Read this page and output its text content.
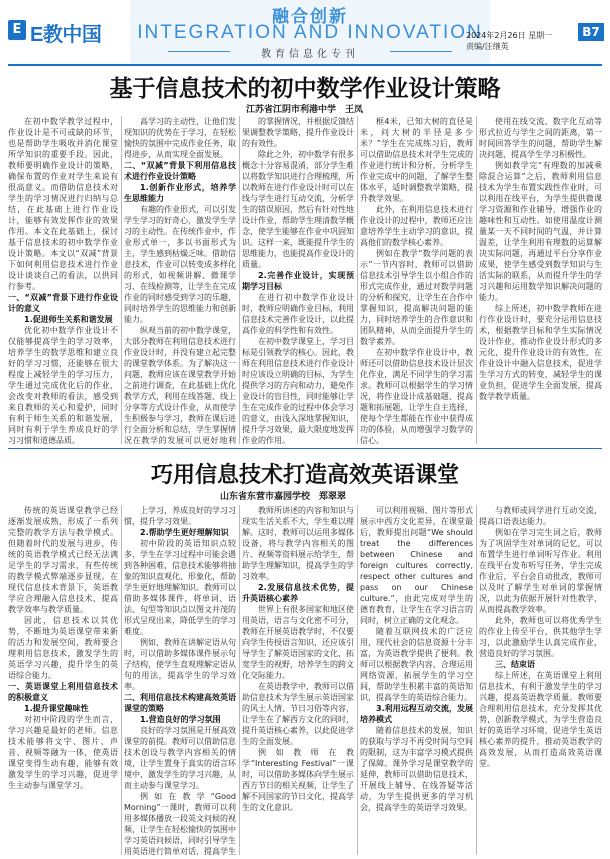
E E教中国
融合创新
INTEGRATION AND INNOVATION
教育信息化专刊
2024年2月26日 星期一
责编/汪继英
B7
基于信息技术的初中数学作业设计策略
江苏省江阴市利港中学　王凤

在初中数学教学过程中，作业设计是不可或缺的环节，也是帮助学生吸收并消化课堂所学知识的重要手段。因此，教师要明确作业设计的策略，确保布置的作业对学生来说有很高意义。而借助信息技术对学生的学习情况进行归纳与总结，在此基础上进行作业设计，能够有效发挥作业的效果作用。本文在此基础上，探讨基于信息技术的初中数学作业设计策略。本文以“双减”背景下如何利用信息技术进行作业设计谈谈自己的看法，以供同行参考。

一、“双减”背景下进行作业设计的意义

1.促进师生关系和谐发展

优化初中数学作业设计不仅能够提高学生的学习效率，培养学生的数学思维和建立良好的学习习惯，还能够在很大程度上减轻学生的学习压力，学生通过完成优化后的作业，会改变对教师的看法，感受到来自教师的关心和爱护，同时有利于师生关系的和谐发展，同时有利于学生养成良好的学习习惯和道德品质。

高学习的主动性，让他们发现知识的优势在于学习，在轻松愉快的氛围中完成作业任务，取得进步，从而实现全面发展。

二、“双减”背景下利用信息技术进行作业设计策略

1.创新作业形式，培养学生思维能力

有趣的作业形式，可以引发学生学习的好奇心，激发学生学习的主动性。在传统作业中，作业形式单一，多以书面形式为主，学生感到枯燥乏味。借助信息技术，作业可以转变成多样化的形式，如视频讲解、微课学习、在线检测等，让学生在完成作业的同时感受到学习的乐趣，同时培养学生的思维能力和创新能力。

纵观当前的初中数学课堂，大部分教师在利用信息技术进行作业设计时，并没有建立起完整的课堂教学体系。为了解决这一问题，教师应该在课堂教学开始之前进行调查，在此基础上优化教学方式，利用在线答题、线上分享等方式设计作业，从而使学生积极参与学习，教师在课后进行全面分析和总结，学生掌握情况在教学的发展可以更好地利

的掌握情况，并根据反馈结果调整教学策略，提升作业设计的有效性。

除此之外，初中数学有很多概念十分容易混淆，部分学生难以将数学知识进行合理梳理，所以教师在进行作业设计时可以在线与学生进行互动交流，分析学生的错误原因，然后有针对性地设计作业，帮助学生理清数学概念，使学生能够在作业中巩固知识。这样一来，既能提升学生的思维能力，也能提高作业设计的质量。

2.完善作业设计，实现预期学习目标

在进行初中数学作业设计时，教师应明确作业目标，利用信息技术完善作业设计，以此提高作业的科学性和有效性。

在初中数学课堂上，学习目标是引领教学的核心。因此，教师在利用信息技术进行作业设计时应该设立明确的目标，为学生提供学习的方向和动力，避免作业设计的盲目性，同时能够让学生在完成作业的过程中体会学习的意义，由浅入深地掌握知识，提升学习效果，最大限度地发挥作业的作用。

框4米，已知大树的直径是米，问大树的半径是多少米？”学生在完成练习后，教师可以借助信息技术对学生完成的作业进行统计和分析，分析学生作业完成中的问题，了解学生整体水平，适时调整教学策略，提升教学效果。

此外，在利用信息技术进行作业设计的过程中，教师还应注意培养学生主动学习的意识，提高他们的数学核心素养。

例如在教学“数学问题的表示”一节内容时，教师可以借助信息技术引导学生以小组合作的形式完成作业，通过对数学问题的分析和探究，让学生在合作中掌握知识，提高解决问题的能力，同时培养学生的合作意识和团队精神，从而全面提升学生的数学素养。

在初中数学作业设计中，教师还可以借助信息技术设计层次化作业，满足不同学生的学习需求。教师可以根据学生的学习情况，将作业设计成基础题、提高题和拓展题，让学生自主选择，使每个学生都能在作业中获得成功的体验，从而增强学习数学的信心。

使用在线交流、数字化互动等形式拉近与学生之间的距离，第一时间回答学生的问题，帮助学生解决问题，提高学生学习积极性。

例如教学完“有理数的加减乘除混合运算”之后，教师利用信息技术为学生布置实践性作业时，可以利用在线平台，为学生提供微课学习资源和作业辅导，增强作业的趣味性和互动性。如使用温度计测量某一天不同时间的气温，并计算温差，让学生利用有理数的运算解决实际问题，再通过平台分享作业成果，使学生感受到数学知识与生活实际的联系，从而提升学生的学习兴趣和运用数学知识解决问题的能力。

综上所述，初中数学教师在进行作业设计时，要充分运用信息技术，根据教学目标和学生实际情况设计作业，推动作业设计形式的多元化，提升作业设计的有效性，在作业设计中融入信息技术，促进学生学习方式的转变，减轻学生的课业负担，促进学生全面发展，提高数学教学质量。

巧用信息技术打造高效英语课堂
山东省东营市嘉园学校　郑翠翠

传统的英语课堂教学已经逐渐发展成熟，形成了一系列完整的教学方法与教学模式。但随着时代的发展与进步，传统的英语教学模式已经无法满足学生的学习需求，有些传统的教学模式弊端逐步显现。在现代信息技术背景下，英语教学应合理融入信息技术，提高教学效率与教学质量。

因此，信息技术以其优势，不断地为英语课堂带来新的活力和发展空间，教师要合理利用信息技术，激发学生的英语学习兴趣，提升学生的英语综合能力。

一、英语课堂上利用信息技术的积极意义

1.提升课堂趣味性

对初中阶段的学生而言，学习兴趣是最好的老师。信息技术能够将文字、图片、声音、视频等融为一体，使英语课堂变得生动有趣，能够有效激发学生的学习兴趣，促进学生主动参与课堂学习。

上学习，养成良好的学习习惯，提升学习效果。

2.帮助学生更好理解知识

初中阶段的英语知识点较多，学生在学习过程中可能会遇到各种困难，信息技术能够将抽象的知识直观化、形象化，帮助学生更好地理解知识。教师可以借助多媒体课件，将单词、语法、句型等知识点以图文并茂的形式呈现出来，降低学生的学习难度。

例如，教师在讲解定语从句时，可以借助多媒体课件展示句子结构，使学生直观理解定语从句的用法，提高学生的学习效率。

二、利用信息技术构建高效英语课堂的策略

1.营造良好的学习氛围

良好的学习氛围是开展高效课堂的前提。教师可以借助信息技术创设与教学内容相关的情境，让学生置身于真实的语言环境中，激发学生的学习兴趣，从而主动参与课堂学习。

例如在教学“Good Morning”一课时，教师可以利用多媒体播放一段英文问候的视频，让学生在轻松愉快的氛围中学习英语问候语，同时引导学生用英语进行简单对话，提高学生

教师所讲述的内容和知识与现实生活关系不大，学生难以理解。这时，教师可以运用多媒体设备，将与教学内容相关的图片、视频等资料展示给学生，帮助学生理解知识，提高学生的学习效率。

2.发展信息技术优势，提升英语核心素养

世界上有很多国家和地区使用英语，语言与文化密不可分，教师在开展英语教学时，不仅要向学生传授语言知识，还应该引导学生了解英语国家的文化，拓宽学生的视野，培养学生的跨文化交际能力。

在英语教学中，教师可以借助信息技术为学生展示英语国家的风土人情、节日习俗等内容，让学生在了解西方文化的同时，提升英语核心素养，以此促进学生的全面发展。

例如教师在教学“Interesting Festival”一课时，可以借助多媒体向学生展示西方节日的相关视频，让学生了解不同国家的节日文化，提高学生的文化意识。

可以利用视频、图片等形式展示中西方文化差异，在课堂最后，教师提出问题“We should treat the differences between Chinese and foreign cultures correctly, respect other cultures and pass on our Chinese culture.”，由此完成对学生的德育教育，让学生在学习语言的同时，树立正确的文化观念。

随着互联网技术的广泛应用，现代社会的信息资源十分丰富，为英语教学提供了便利。教师可以根据教学内容，合理运用网络资源，拓展学生的学习空间，帮助学生积累丰富的英语知识，提高学生的英语综合能力。

3.利用远程互动交流，发展培养模式

随着信息技术的发展，知识的获取与学习不再受时间与空间的限制，这为丰富学习模式提供了保障。课外学习是课堂教学的延伸，教师可以借助信息技术，开展线上辅导、在线答疑等活动，为学生提供更多的学习机会，提高学生的英语学习效果。

与教师或同学进行互动交流，提高口语表达能力。

例如在学习完生词之后，教师为了巩固学生对单词的记忆，可以布置学生进行单词听写作业。利用在线平台发布听写任务，学生完成作业后，平台会自动批改，教师可以及时了解学生对单词的掌握情况，以此为依据开展针对性教学，从而提高教学效率。

此外，教师也可以将优秀学生的作业上传至平台，供其他学生学习，以此激励学生认真完成作业，营造良好的学习氛围。

三、结束语

综上所述，在英语课堂上利用信息技术，有利于激发学生的学习兴趣，提高英语教学质量。教师要合理利用信息技术，充分发挥其优势，创新教学模式，为学生营造良好的英语学习环境，促进学生英语核心素养的提升，推动英语教学的高效发展，从而打造高效英语课堂。
